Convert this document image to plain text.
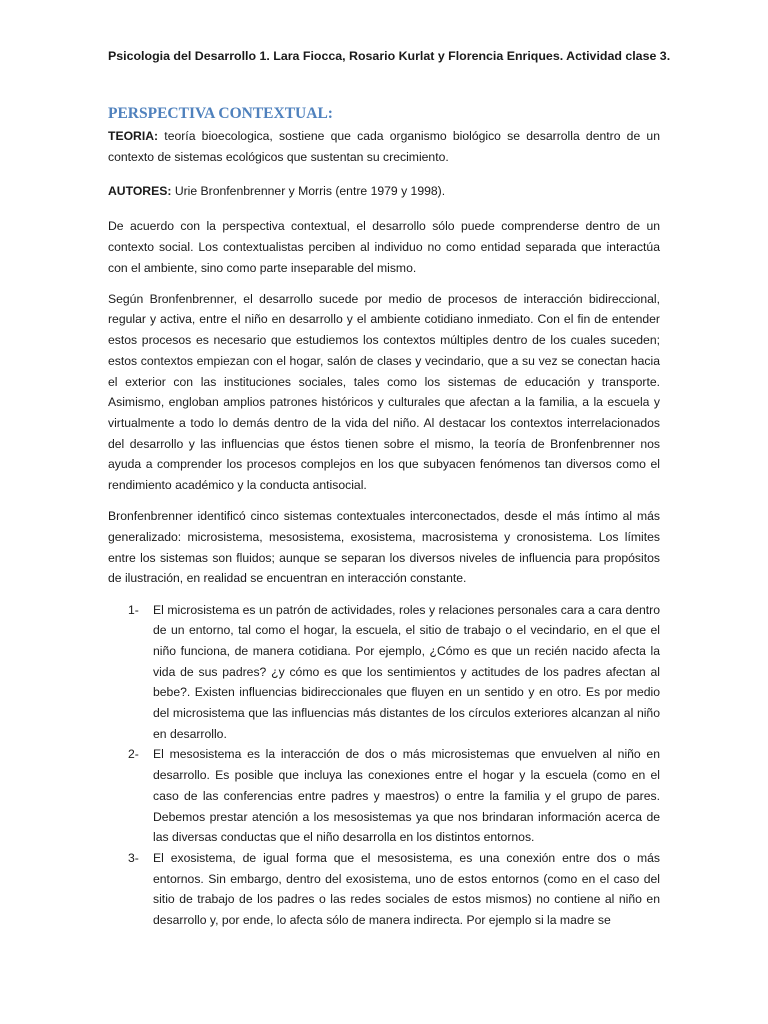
Psicologia del Desarrollo 1. Lara Fiocca, Rosario Kurlat y Florencia Enriques. Actividad clase 3.
PERSPECTIVA CONTEXTUAL:

TEORIA: teoría bioecologica, sostiene que cada organismo biológico se desarrolla dentro de un contexto de sistemas ecológicos que sustentan su crecimiento.

AUTORES: Urie Bronfenbrenner y Morris (entre 1979 y 1998).

De acuerdo con la perspectiva contextual, el desarrollo sólo puede comprenderse dentro de un contexto social. Los contextualistas perciben al individuo no como entidad separada que interactúa con el ambiente, sino como parte inseparable del mismo.

Según Bronfenbrenner, el desarrollo sucede por medio de procesos de interacción bidireccional, regular y activa, entre el niño en desarrollo y el ambiente cotidiano inmediato. Con el fin de entender estos procesos es necesario que estudiemos los contextos múltiples dentro de los cuales suceden; estos contextos empiezan con el hogar, salón de clases y vecindario, que a su vez se conectan hacia el exterior con las instituciones sociales, tales como los sistemas de educación y transporte. Asimismo, engloban amplios patrones históricos y culturales que afectan a la familia, a la escuela y virtualmente a todo lo demás dentro de la vida del niño. Al destacar los contextos interrelacionados del desarrollo y las influencias que éstos tienen sobre el mismo, la teoría de Bronfenbrenner nos ayuda a comprender los procesos complejos en los que subyacen fenómenos tan diversos como el rendimiento académico y la conducta antisocial.

Bronfenbrenner identificó cinco sistemas contextuales interconectados, desde el más íntimo al más generalizado: microsistema, mesosistema, exosistema, macrosistema y cronosistema. Los límites entre los sistemas son fluidos; aunque se separan los diversos niveles de influencia para propósitos de ilustración, en realidad se encuentran en interacción constante.

1- El microsistema es un patrón de actividades, roles y relaciones personales cara a cara dentro de un entorno, tal como el hogar, la escuela, el sitio de trabajo o el vecindario, en el que el niño funciona, de manera cotidiana. Por ejemplo, ¿Cómo es que un recién nacido afecta la vida de sus padres? ¿y cómo es que los sentimientos y actitudes de los padres afectan al bebe?. Existen influencias bidireccionales que fluyen en un sentido y en otro. Es por medio del microsistema que las influencias más distantes de los círculos exteriores alcanzan al niño en desarrollo.
2- El mesosistema es la interacción de dos o más microsistemas que envuelven al niño en desarrollo. Es posible que incluya las conexiones entre el hogar y la escuela (como en el caso de las conferencias entre padres y maestros) o entre la familia y el grupo de pares. Debemos prestar atención a los mesosistemas ya que nos brindaran información acerca de las diversas conductas que el niño desarrolla en los distintos entornos.
3- El exosistema, de igual forma que el mesosistema, es una conexión entre dos o más entornos. Sin embargo, dentro del exosistema, uno de estos entornos (como en el caso del sitio de trabajo de los padres o las redes sociales de estos mismos) no contiene al niño en desarrollo y, por ende, lo afecta sólo de manera indirecta. Por ejemplo si la madre se
